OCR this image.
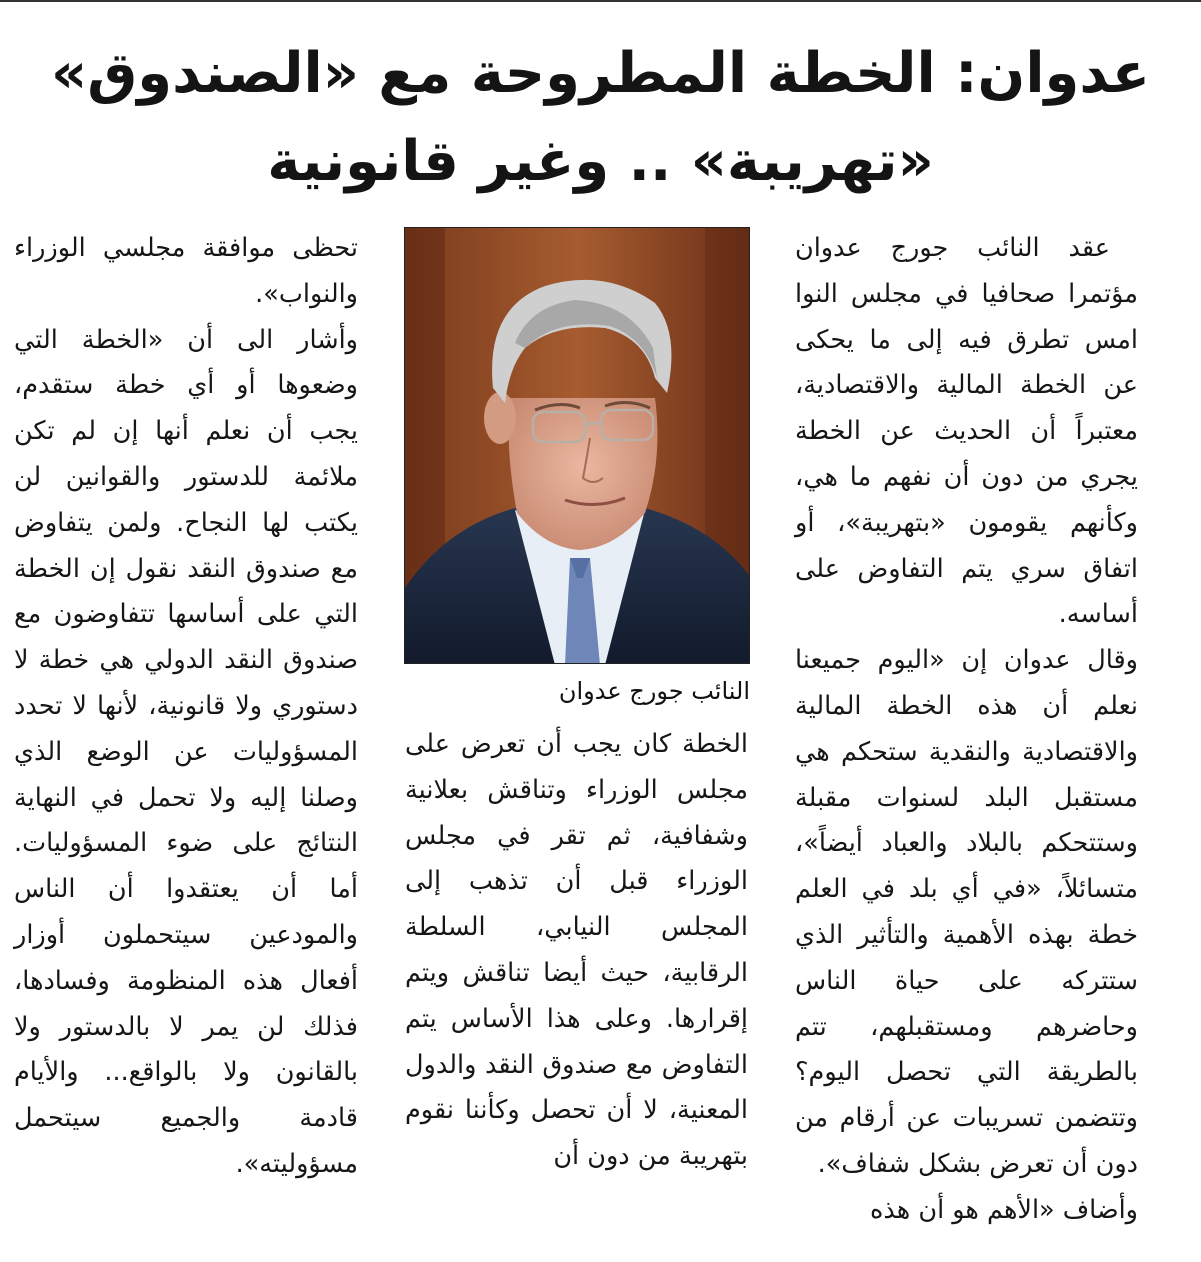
عدوان: الخطة المطروحة مع «الصندوق»
«تهريبة» .. وغير قانونية

عقد النائب جورج عدوان مؤتمرا صحافيا في مجلس النوا امس تطرق فيه إلى ما يحكى عن الخطة المالية والاقتصادية، معتبراً أن الحديث عن الخطة يجري من دون أن نفهم ما هي، وكأنهم يقومون «بتهريبة»، أو اتفاق سري يتم التفاوض على أساسه.

وقال عدوان إن «اليوم جميعنا نعلم أن هذه الخطة المالية والاقتصادية والنقدية ستحكم هي مستقبل البلد لسنوات مقبلة وستتحكم بالبلاد والعباد أيضاً»، متسائلاً، «في أي بلد في العلم خطة بهذه الأهمية والتأثير الذي ستتركه على حياة الناس وحاضرهم ومستقبلهم، تتم بالطريقة التي تحصل اليوم؟ وتتضمن تسريبات عن أرقام من دون أن تعرض بشكل شفاف».

وأضاف «الأهم هو أن هذه

النائب جورج عدوان

الخطة كان يجب أن تعرض على مجلس الوزراء وتناقش بعلانية وشفافية، ثم تقر في مجلس الوزراء قبل أن تذهب إلى المجلس النيابي، السلطة الرقابية، حيث أيضا تناقش ويتم إقرارها. وعلى هذا الأساس يتم التفاوض مع صندوق النقد والدول المعنية، لا أن تحصل وكأننا نقوم بتهريبة من دون أن

تحظى موافقة مجلسي الوزراء والنواب».

وأشار الى أن «الخطة التي وضعوها أو أي خطة ستقدم، يجب أن نعلم أنها إن لم تكن ملائمة للدستور والقوانين لن يكتب لها النجاح. ولمن يتفاوض مع صندوق النقد نقول إن الخطة التي على أساسها تتفاوضون مع صندوق النقد الدولي هي خطة لا دستوري ولا قانونية، لأنها لا تحدد المسؤوليات عن الوضع الذي وصلنا إليه ولا تحمل في النهاية النتائج على ضوء المسؤوليات. أما أن يعتقدوا أن الناس والمودعين سيتحملون أوزار أفعال هذه المنظومة وفسادها، فذلك لن يمر لا بالدستور ولا بالقانون ولا بالواقع... والأيام قادمة والجميع سيتحمل مسؤوليته».
